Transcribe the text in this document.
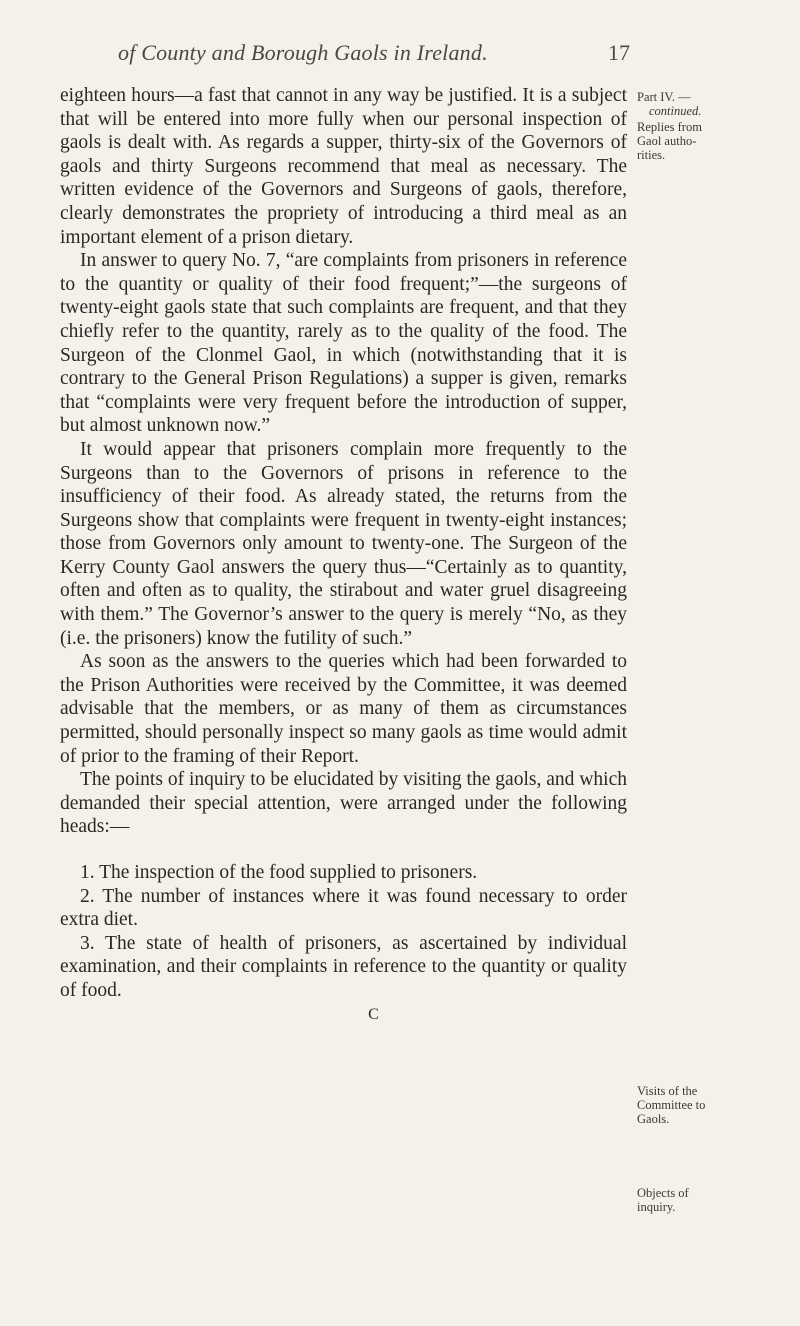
of County and Borough Gaols in Ireland.	17
Part IV. —
continued.
Replies from
Gaol autho-
rities.
Visits of the
Committee to
Gaols.
Objects of
inquiry.

eighteen hours—a fast that cannot in any way be justified. It is a subject that will be entered into more fully when our personal inspection of gaols is dealt with. As regards a supper, thirty-six of the Governors of gaols and thirty Surgeons recommend that meal as necessary. The written evidence of the Governors and Surgeons of gaols, therefore, clearly demonstrates the propriety of introducing a third meal as an important element of a prison dietary.

In answer to query No. 7, “are complaints from prisoners in reference to the quantity or quality of their food frequent;”—the surgeons of twenty-eight gaols state that such complaints are frequent, and that they chiefly refer to the quantity, rarely as to the quality of the food. The Surgeon of the Clonmel Gaol, in which (notwithstanding that it is contrary to the General Prison Regulations) a supper is given, remarks that “complaints were very frequent before the introduction of supper, but almost unknown now.”

It would appear that prisoners complain more frequently to the Surgeons than to the Governors of prisons in reference to the insufficiency of their food. As already stated, the returns from the Surgeons show that complaints were frequent in twenty-eight instances; those from Governors only amount to twenty-one. The Surgeon of the Kerry County Gaol answers the query thus—“Certainly as to quantity, often and often as to quality, the stirabout and water gruel disagreeing with them.” The Governor’s answer to the query is merely “No, as they (i.e. the prisoners) know the futility of such.”

As soon as the answers to the queries which had been forwarded to the Prison Authorities were received by the Committee, it was deemed advisable that the members, or as many of them as circumstances permitted, should personally inspect so many gaols as time would admit of prior to the framing of their Report.

The points of inquiry to be elucidated by visiting the gaols, and which demanded their special attention, were arranged under the following heads:—

1. The inspection of the food supplied to prisoners.

2. The number of instances where it was found necessary to order extra diet.

3. The state of health of prisoners, as ascertained by individual examination, and their complaints in reference to the quantity or quality of food.

C
